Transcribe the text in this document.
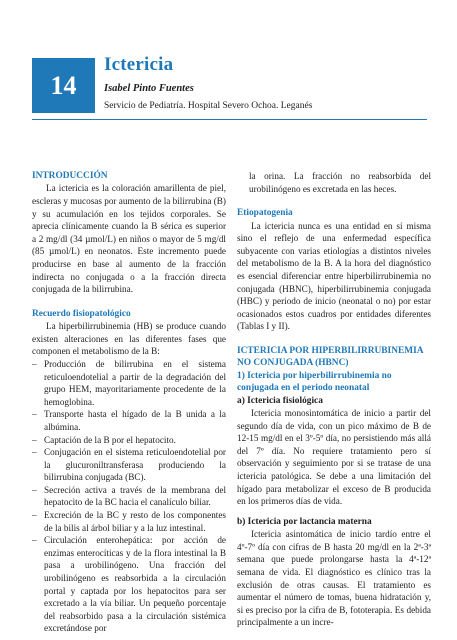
14
Ictericia
Isabel Pinto Fuentes
Servicio de Pediatría. Hospital Severo Ochoa. Leganés
INTRODUCCIÓN

La ictericia es la coloración amarillenta de piel, escleras y mucosas por aumento de la bilirrubina (B) y su acumulación en los tejidos corporales. Se aprecia clínicamente cuando la B sérica es superior a 2 mg/dl (34 µmol/L) en niños o mayor de 5 mg/dl (85 µmol/L) en neonatos. Este incremento puede producirse en base al aumento de la fracción indirecta no conjugada o a la fracción directa conjugada de la bilirrubina.

Recuerdo fisiopatológico

La hiperbilirrubinemia (HB) se produce cuando existen alteraciones en las diferentes fases que componen el metabolismo de la B:

– Producción de bilirrubina en el sistema reticuloendotelial a partir de la degradación del grupo HEM, mayoritariamente procedente de la hemoglobina.
– Transporte hasta el hígado de la B unida a la albúmina.
– Captación de la B por el hepatocito.
– Conjugación en el sistema reticuloendotelial por la glucuroniltransferasa produciendo la bilirrubina conjugada (BC).
– Secreción activa a través de la membrana del hepatocito de la BC hacia el canalículo biliar.
– Excreción de la BC y resto de los componentes de la bilis al árbol biliar y a la luz intestinal.
– Circulación enterohepática: por acción de enzimas enterocíticas y de la flora intestinal la B pasa a urobilinógeno. Una fracción del urobilinógeno es reabsorbida a la circulación portal y captada por los hepatocitos para ser excretado a la vía biliar. Un pequeño porcentaje del reabsorbido pasa a la circulación sistémica excretándose por

la orina. La fracción no reabsorbida del urobilinógeno es excretada en las heces.

Etiopatogenia

La ictericia nunca es una entidad en sí misma sino el reflejo de una enfermedad específica subyacente con varias etiologías a distintos niveles del metabolismo de la B. A la hora del diagnóstico es esencial diferenciar entre hiperbilirrubinemia no conjugada (HBNC), hiperbilirrubinemia conjugada (HBC) y periodo de inicio (neonatal o no) por estar ocasionados estos cuadros por entidades diferentes (Tablas I y II).

ICTERICIA POR HIPERBILIRRUBINEMIA
NO CONJUGADA (HBNC)
1) Ictericia por hiperbilirrubinemia no conjugada en el periodo neonatal
a) Ictericia fisiológica

Ictericia monosintomática de inicio a partir del segundo día de vida, con un pico máximo de B de 12-15 mg/dl en el 3º-5º día, no persistiendo más allá del 7º día. No requiere tratamiento pero sí observación y seguimiento por si se tratase de una ictericia patológica. Se debe a una limitación del hígado para metabolizar el exceso de B producida en los primeros días de vida.

b) Ictericia por lactancia materna

Ictericia asintomática de inicio tardío entre el 4º-7º día con cifras de B hasta 20 mg/dl en la 2ª-3ª semana que puede prolongarse hasta la 4ª-12ª semana de vida. El diagnóstico es clínico tras la exclusión de otras causas. El tratamiento es aumentar el número de tomas, buena hidratación y, si es preciso por la cifra de B, fototerapia. Es debida principalmente a un incre-
